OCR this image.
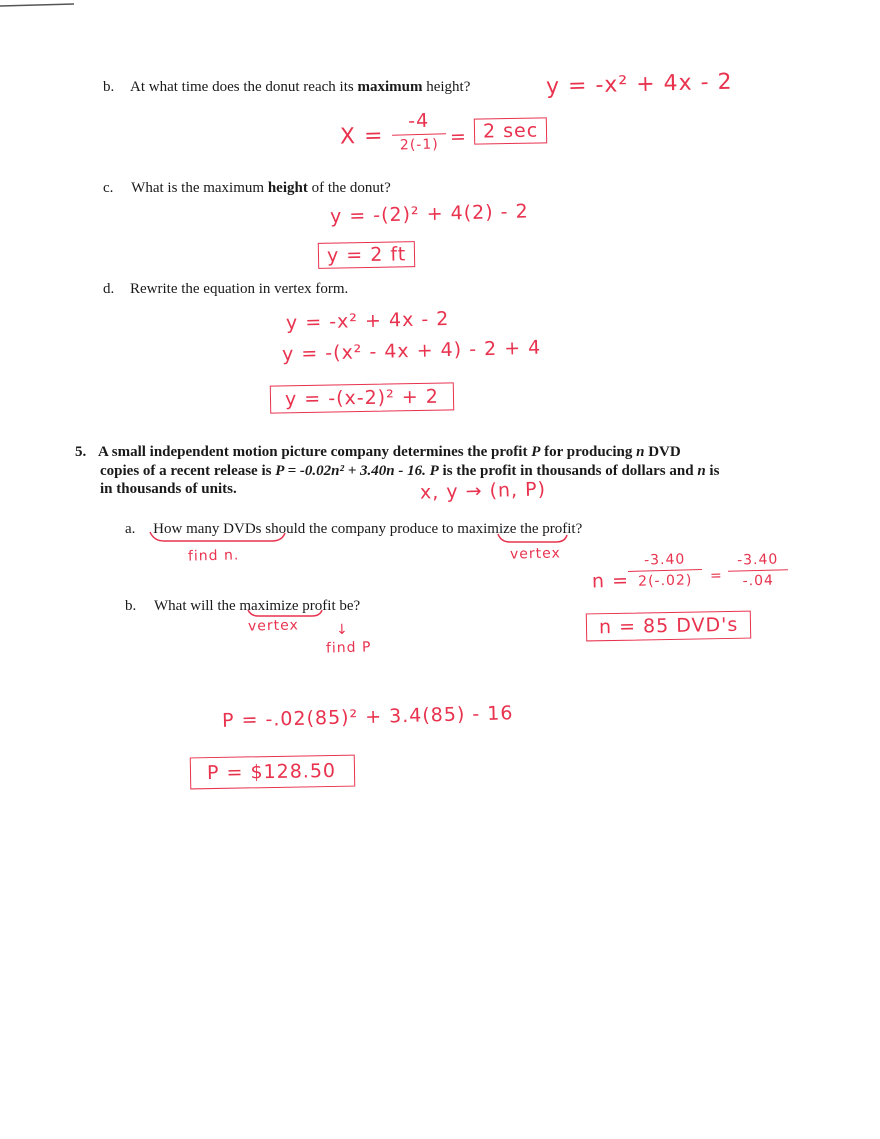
b. At what time does the donut reach its maximum height?	y = -x² + 4x - 2
X =
-4
2(-1) = 2 sec
c. What is the maximum height of the donut?
y = -(2)² + 4(2) - 2
y = 2 ft
d. Rewrite the equation in vertex form.
y = -x² + 4x - 2
y = -(x² - 4x + 4) - 2 + 4
y = -(x-2)² + 2
5. A small independent motion picture company determines the profit P for producing n DVD
copies of a recent release is P = -0.02n² + 3.40n - 16. P is the profit in thousands of dollars and n is
in thousands of units.	x, y → (n, P)
a. How many DVDs should the company produce to maximize the profit?
find n.	vertex
n =
-3.40
2(-.02)	=
-3.40
-.04
n = 85 DVD's
b. What will the maximize profit be?
vertex	↓
find P
P = -.02(85)² + 3.4(85) - 16
P = $128.50
